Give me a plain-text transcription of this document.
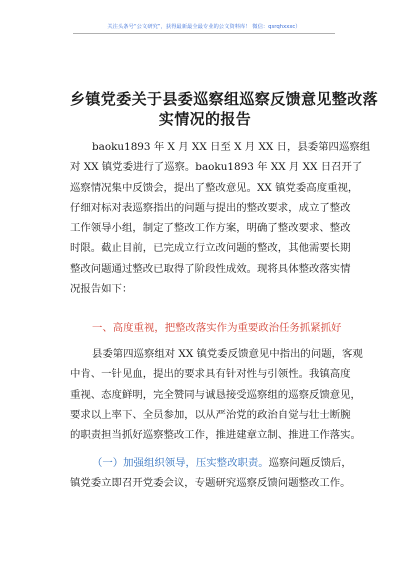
关注头条号“公文研究”，获得最新最全最专业的公文资料库！ 微信：qsrqhxxxc）
乡镇党委关于县委巡察组巡察反馈意见整改落
实情况的报告
baoku1893 年 X 月 XX 日至 X 月 XX 日，县委第四巡察组
对 XX 镇党委进行了巡察。baoku1893 年 XX 月 XX 日召开了
巡察情况集中反馈会，提出了整改意见。XX 镇党委高度重视，
仔细对标对表巡察指出的问题与提出的整改要求，成立了整改
工作领导小组，制定了整改工作方案，明确了整改要求、整改
时限。截止目前，已完成立行立改问题的整改，其他需要长期
整改问题通过整改已取得了阶段性成效。现将具体整改落实情
况报告如下：
一、高度重视，把整改落实作为重要政治任务抓紧抓好
县委第四巡察组对 XX 镇党委反馈意见中指出的问题，客观
中肯、一针见血，提出的要求具有针对性与引领性。我镇高度
重视、态度鲜明，完全赞同与诚恳接受巡察组的巡察反馈意见，
要求以上率下、全员参加，以从严治党的政治自觉与壮士断腕
的职责担当抓好巡察整改工作，推进建章立制、推进工作落实。
（一）加强组织领导，压实整改职责。巡察问题反馈后，
镇党委立即召开党委会议，专题研究巡察反馈问题整改工作。
